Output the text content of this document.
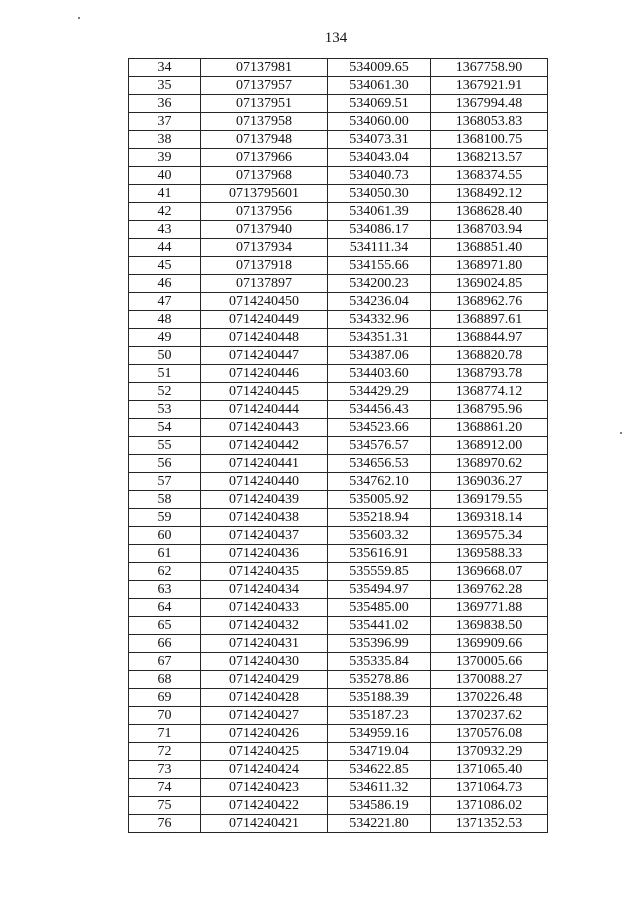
134
34	07137981	534009.65	1367758.90
35	07137957	534061.30	1367921.91
36	07137951	534069.51	1367994.48
37	07137958	534060.00	1368053.83
38	07137948	534073.31	1368100.75
39	07137966	534043.04	1368213.57
40	07137968	534040.73	1368374.55
41	0713795601	534050.30	1368492.12
42	07137956	534061.39	1368628.40
43	07137940	534086.17	1368703.94
44	07137934	534111.34	1368851.40
45	07137918	534155.66	1368971.80
46	07137897	534200.23	1369024.85
47	0714240450	534236.04	1368962.76
48	0714240449	534332.96	1368897.61
49	0714240448	534351.31	1368844.97
50	0714240447	534387.06	1368820.78
51	0714240446	534403.60	1368793.78
52	0714240445	534429.29	1368774.12
53	0714240444	534456.43	1368795.96
54	0714240443	534523.66	1368861.20
55	0714240442	534576.57	1368912.00
56	0714240441	534656.53	1368970.62
57	0714240440	534762.10	1369036.27
58	0714240439	535005.92	1369179.55
59	0714240438	535218.94	1369318.14
60	0714240437	535603.32	1369575.34
61	0714240436	535616.91	1369588.33
62	0714240435	535559.85	1369668.07
63	0714240434	535494.97	1369762.28
64	0714240433	535485.00	1369771.88
65	0714240432	535441.02	1369838.50
66	0714240431	535396.99	1369909.66
67	0714240430	535335.84	1370005.66
68	0714240429	535278.86	1370088.27
69	0714240428	535188.39	1370226.48
70	0714240427	535187.23	1370237.62
71	0714240426	534959.16	1370576.08
72	0714240425	534719.04	1370932.29
73	0714240424	534622.85	1371065.40
74	0714240423	534611.32	1371064.73
75	0714240422	534586.19	1371086.02
76	0714240421	534221.80	1371352.53
